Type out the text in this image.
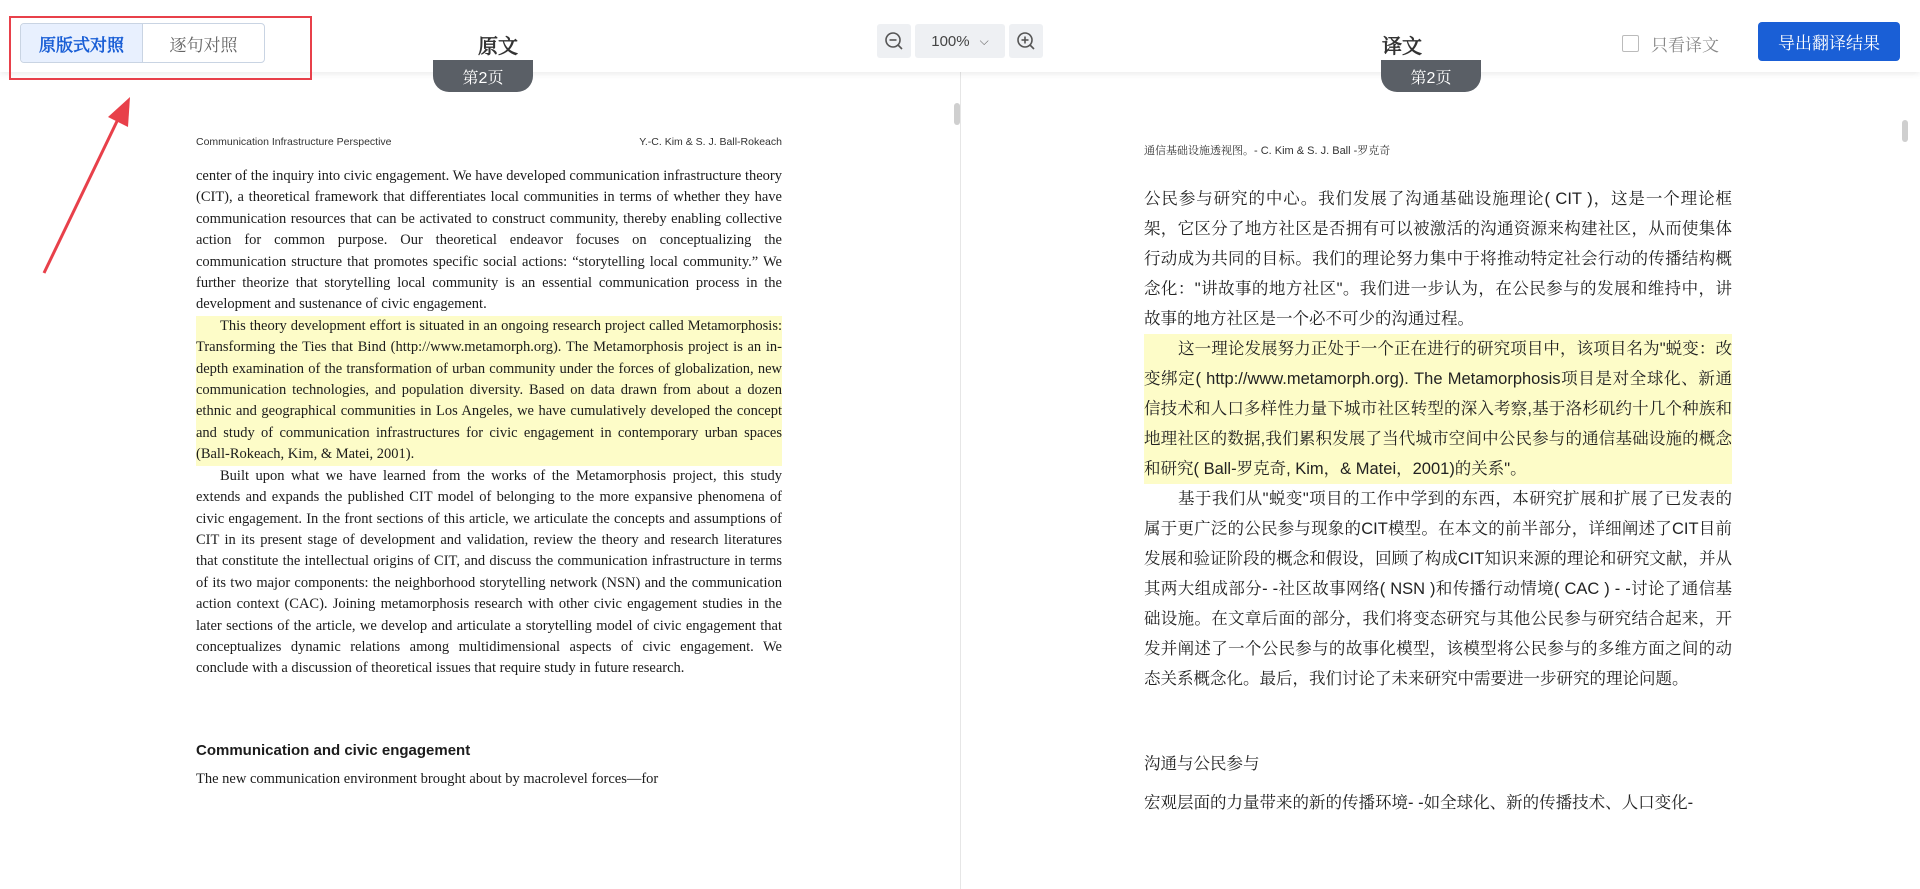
原版式对照	逐句对照	原文	100% ⌵	译文	只看译文	导出翻译结果
第2页	第2页
Communication Infrastructure Perspective	Y.-C. Kim & S. J. Ball-Rokeach

center of the inquiry into civic engagement. We have developed communication infrastructure theory (CIT), a theoretical framework that differentiates local communities in terms of whether they have communication resources that can be activated to construct community, thereby enabling collective action for common purpose. Our theoretical endeavor focuses on conceptualizing the communication structure that promotes specific social actions: “storytelling local community.” We further theorize that storytelling local community is an essential communication process in the development and sustenance of civic engagement.

This theory development effort is situated in an ongoing research project called Metamorphosis: Transforming the Ties that Bind (http://www.metamorph.org). The Metamorphosis project is an in-depth examination of the transformation of urban community under the forces of globalization, new communication technologies, and population diversity. Based on data drawn from about a dozen ethnic and geographical communities in Los Angeles, we have cumulatively developed the concept and study of communication infrastructures for civic engagement in contemporary urban spaces (Ball-Rokeach, Kim, & Matei, 2001).

Built upon what we have learned from the works of the Metamorphosis project, this study extends and expands the published CIT model of belonging to the more expansive phenomena of civic engagement. In the front sections of this article, we articulate the concepts and assumptions of CIT in its present stage of development and validation, review the theory and research literatures that constitute the intellectual origins of CIT, and discuss the communication infrastructure in terms of its two major components: the neighborhood storytelling network (NSN) and the communication action context (CAC). Joining metamorphosis research with other civic engagement studies in the later sections of the article, we develop and articulate a storytelling model of civic engagement that conceptualizes dynamic relations among multidimensional aspects of civic engagement. We conclude with a discussion of theoretical issues that require study in future research.

Communication and civic engagement

The new communication environment brought about by macrolevel forces—for

通信基础设施透视图。- C. Kim & S. J. Ball -罗克奇

公民参与研究的中心。我们发展了沟通基础设施理论( CIT )，这是一个理论框架，它区分了地方社区是否拥有可以被激活的沟通资源来构建社区，从而使集体行动成为共同的目标。我们的理论努力集中于将推动特定社会行动的传播结构概念化："讲故事的地方社区"。我们进一步认为，在公民参与的发展和维持中，讲故事的地方社区是一个必不可少的沟通过程。

这一理论发展努力正处于一个正在进行的研究项目中，该项目名为"蜕变：改变绑定( http://www.metamorph.org). The Metamorphosis项目是对全球化、新通信技术和人口多样性力量下城市社区转型的深入考察,基于洛杉矶约十几个种族和地理社区的数据,我们累积发展了当代城市空间中公民参与的通信基础设施的概念和研究( Ball-罗克奇, Kim，& Matei，2001)的关系"。

基于我们从"蜕变"项目的工作中学到的东西，本研究扩展和扩展了已发表的属于更广泛的公民参与现象的CIT模型。在本文的前半部分，详细阐述了CIT目前发展和验证阶段的概念和假设，回顾了构成CIT知识来源的理论和研究文献，并从其两大组成部分- -社区故事网络( NSN )和传播行动情境( CAC ) - -讨论了通信基础设施。在文章后面的部分，我们将变态研究与其他公民参与研究结合起来，开发并阐述了一个公民参与的故事化模型，该模型将公民参与的多维方面之间的动态关系概念化。最后，我们讨论了未来研究中需要进一步研究的理论问题。

沟通与公民参与
宏观层面的力量带来的新的传播环境- -如全球化、新的传播技术、人口变化-
